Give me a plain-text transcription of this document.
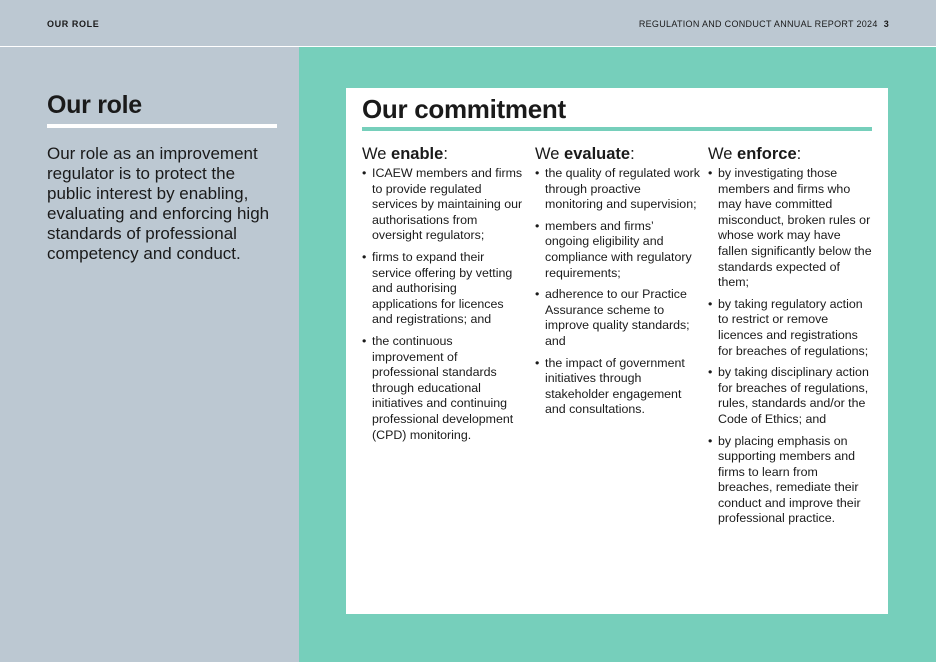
OUR ROLE	REGULATION AND CONDUCT ANNUAL REPORT 2024 3
Our role

Our role as an improvement regulator is to protect the public interest by enabling, evaluating and enforcing high standards of professional competency and conduct.

Our commitment

We enable:

• ICAEW members and firms to provide regulated services by maintaining our authorisations from oversight regulators;
• firms to expand their service offering by vetting and authorising applications for licences and registrations; and
• the continuous improvement of professional standards through educational initiatives and continuing professional development (CPD) monitoring.

We evaluate:

• the quality of regulated work through proactive monitoring and supervision;
• members and firms’ ongoing eligibility and compliance with regulatory requirements;
• adherence to our Practice Assurance scheme to improve quality standards; and
• the impact of government initiatives through stakeholder engagement and consultations.

We enforce:

• by investigating those members and firms who may have committed misconduct, broken rules or whose work may have fallen significantly below the standards expected of them;
• by taking regulatory action to restrict or remove licences and registrations for breaches of regulations;
• by taking disciplinary action for breaches of regulations, rules, standards and/or the Code of Ethics; and
• by placing emphasis on supporting members and firms to learn from breaches, remediate their conduct and improve their professional practice.
